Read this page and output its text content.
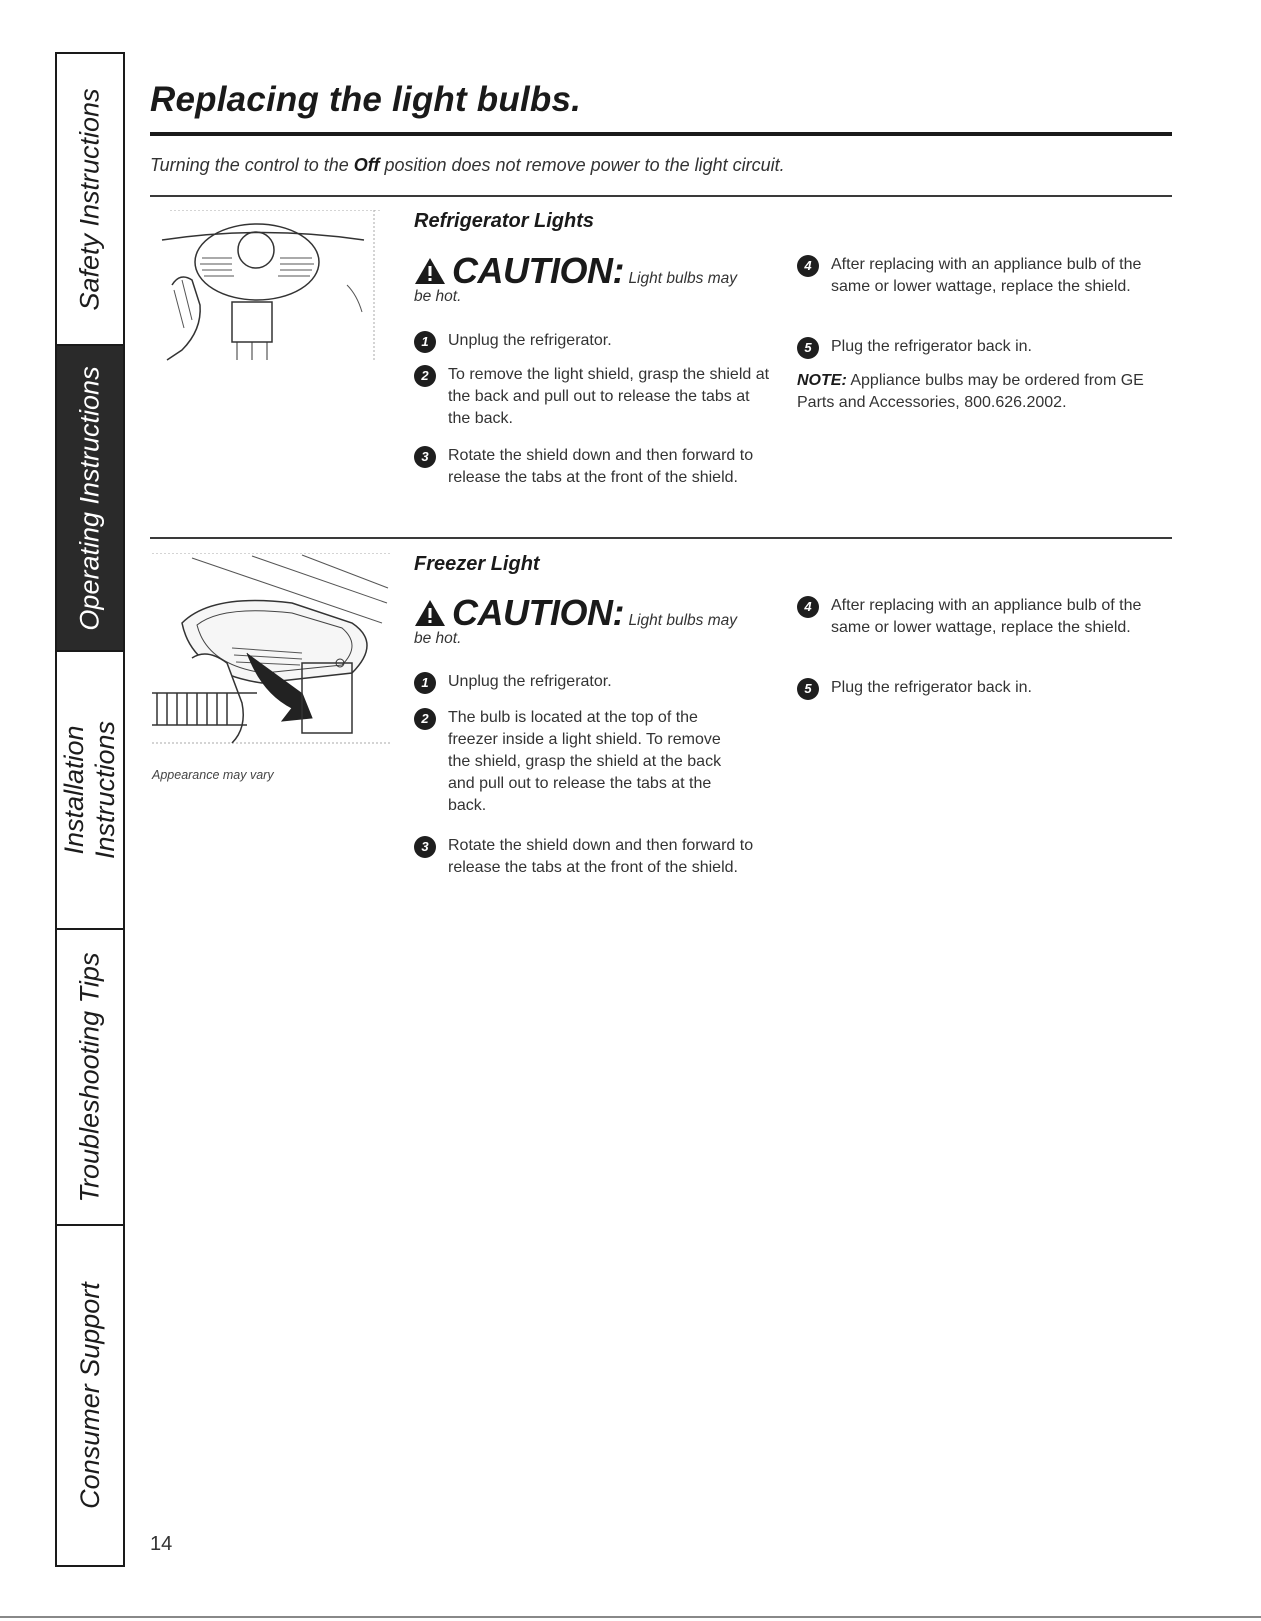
Safety Instructions
Operating Instructions
Installation Instructions
Troubleshooting Tips
Consumer Support
Replacing the light bulbs.

Turning the control to the Off position does not remove power to the light circuit.

Refrigerator Lights
CAUTION: Light bulbs may
be hot.
1	Unplug the refrigerator.
2	To remove the light shield, grasp the shield at the back and pull out to release the tabs at the back.
3	Rotate the shield down and then forward to release the tabs at the front of the shield.
4	After replacing with an appliance bulb of the same or lower wattage, replace the shield.
5	Plug the refrigerator back in.
NOTE: Appliance bulbs may be ordered from GE Parts and Accessories, 800.626.2002.
Appearance may vary
Freezer Light
CAUTION: Light bulbs may
be hot.
1	Unplug the refrigerator.
2	The bulb is located at the top of the freezer inside a light shield. To remove the shield, grasp the shield at the back and pull out to release the tabs at the back.
3	Rotate the shield down and then forward to release the tabs at the front of the shield.
4	After replacing with an appliance bulb of the same or lower wattage, replace the shield.
5	Plug the refrigerator back in.
14
